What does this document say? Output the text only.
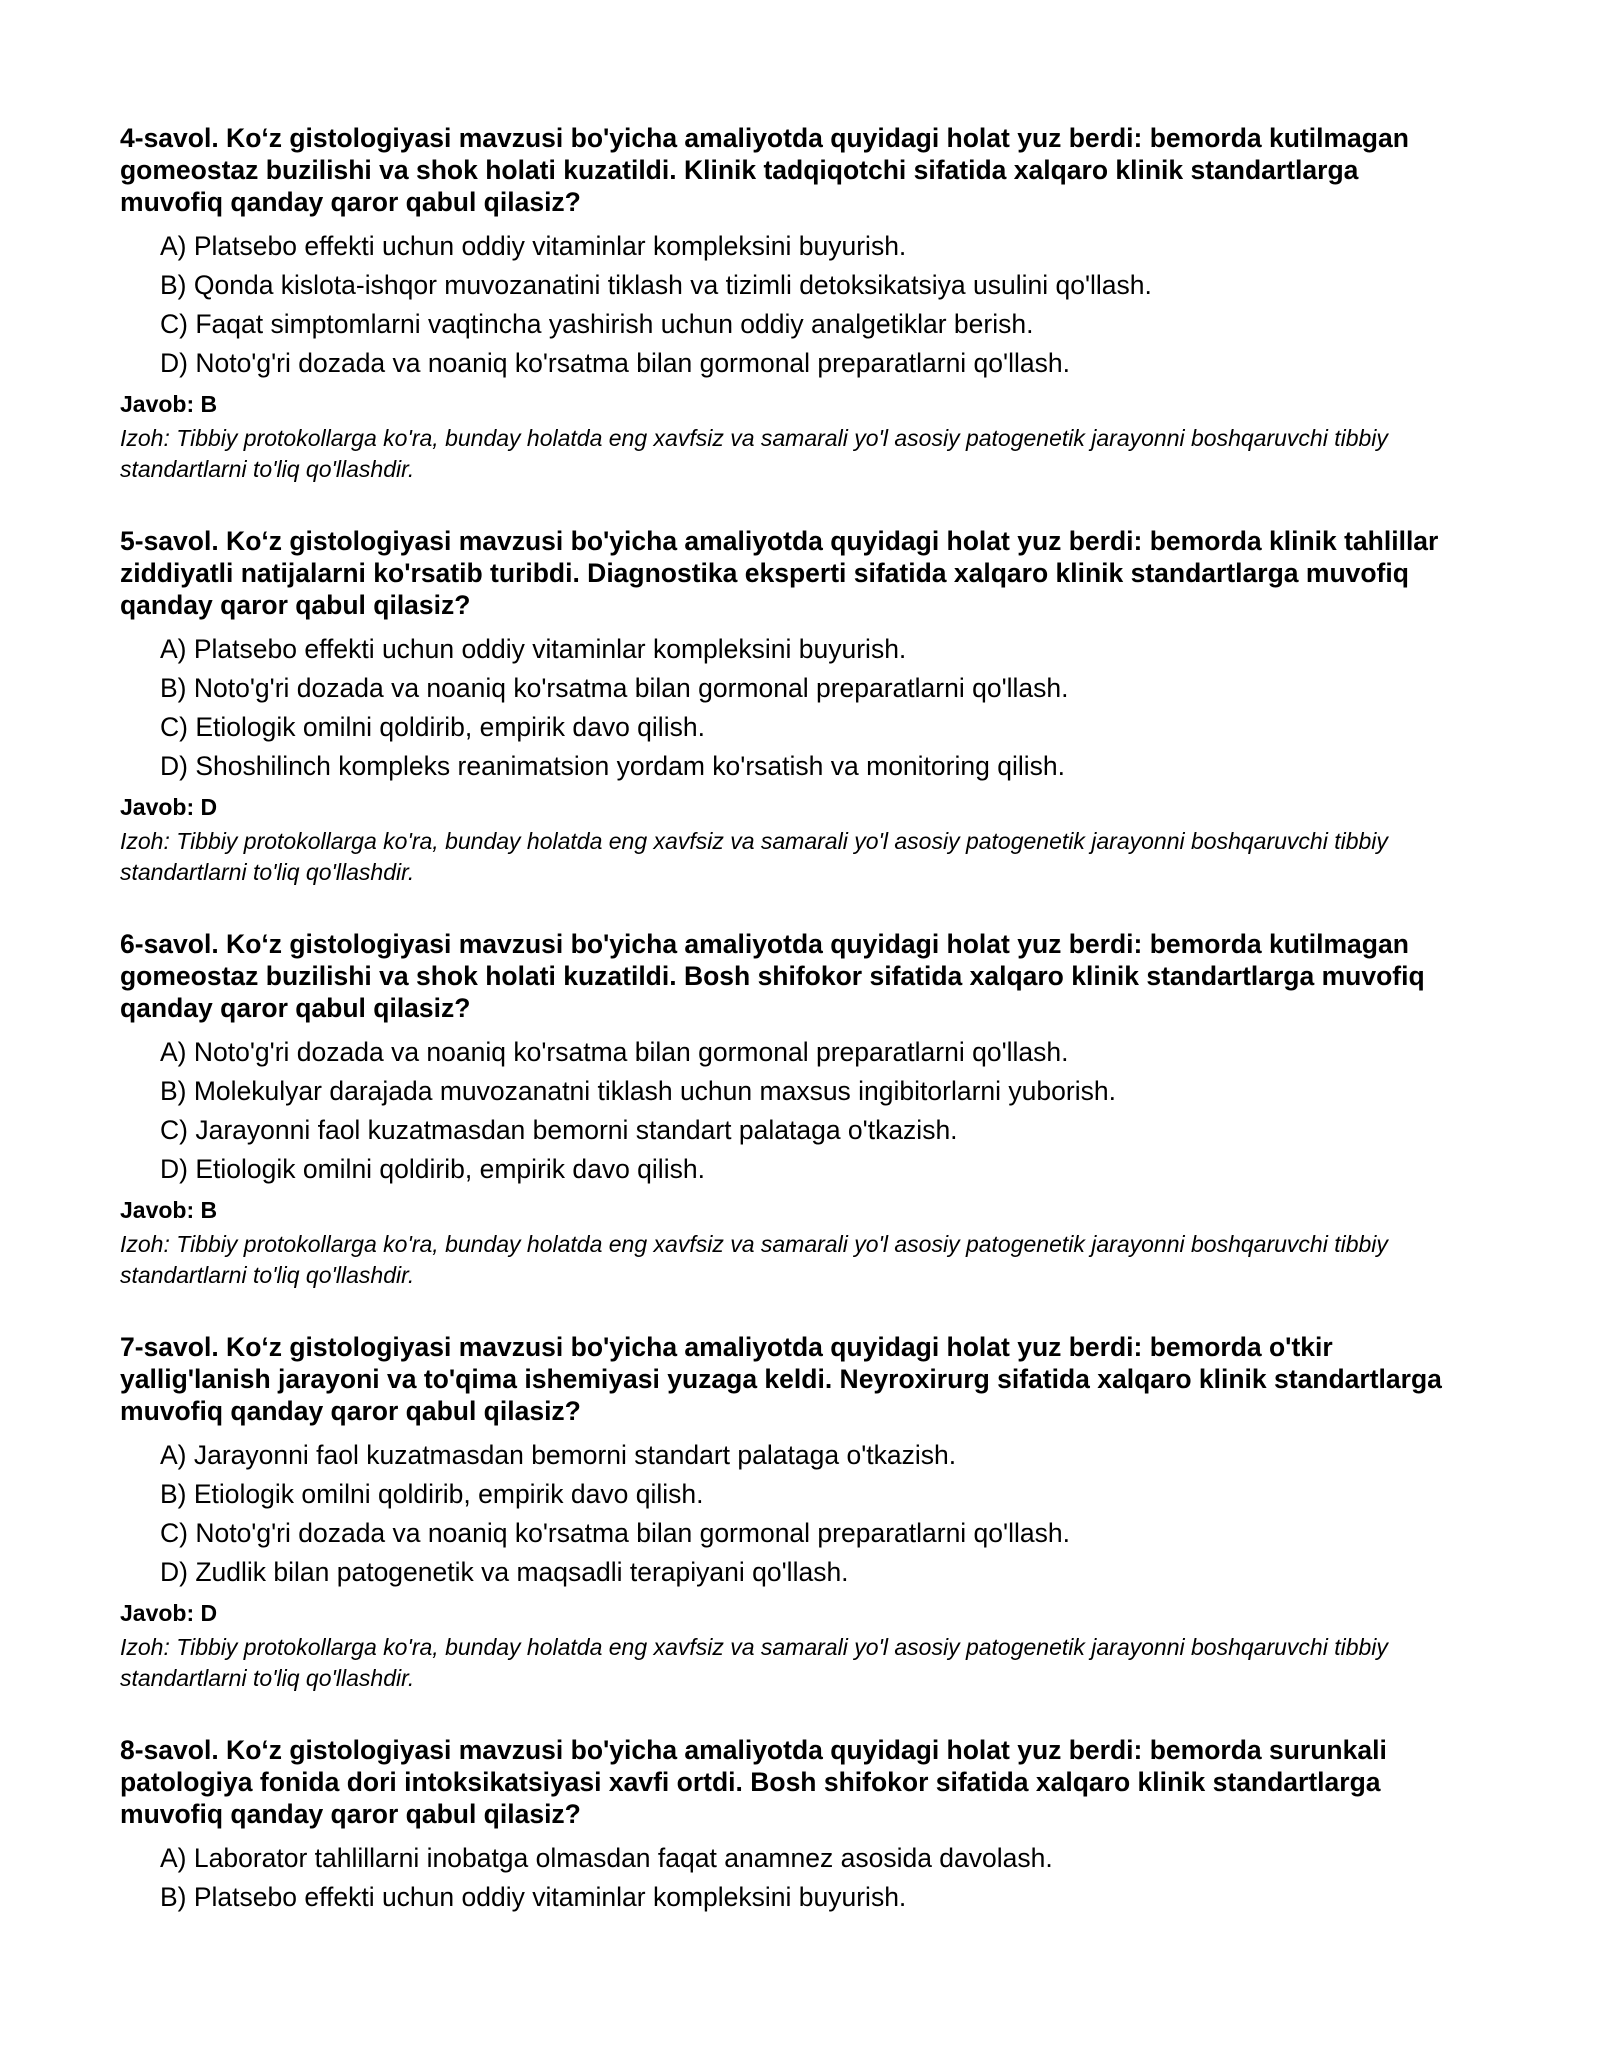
4-savol. Ko‘z gistologiyasi mavzusi bo'yicha amaliyotda quyidagi holat yuz berdi: bemorda kutilmagan gomeostaz buzilishi va shok holati kuzatildi. Klinik tadqiqotchi sifatida xalqaro klinik standartlarga muvofiq qanday qaror qabul qilasiz?

A) Platsebo effekti uchun oddiy vitaminlar kompleksini buyurish.
B) Qonda kislota-ishqor muvozanatini tiklash va tizimli detoksikatsiya usulini qo'llash.
C) Faqat simptomlarni vaqtincha yashirish uchun oddiy analgetiklar berish.
D) Noto'g'ri dozada va noaniq ko'rsatma bilan gormonal preparatlarni qo'llash.

Javob: B

Izoh: Tibbiy protokollarga ko'ra, bunday holatda eng xavfsiz va samarali yo'l asosiy patogenetik jarayonni boshqaruvchi tibbiy standartlarni to'liq qo'llashdir.

5-savol. Ko‘z gistologiyasi mavzusi bo'yicha amaliyotda quyidagi holat yuz berdi: bemorda klinik tahlillar ziddiyatli natijalarni ko'rsatib turibdi. Diagnostika eksperti sifatida xalqaro klinik standartlarga muvofiq qanday qaror qabul qilasiz?

A) Platsebo effekti uchun oddiy vitaminlar kompleksini buyurish.
B) Noto'g'ri dozada va noaniq ko'rsatma bilan gormonal preparatlarni qo'llash.
C) Etiologik omilni qoldirib, empirik davo qilish.
D) Shoshilinch kompleks reanimatsion yordam ko'rsatish va monitoring qilish.

Javob: D

Izoh: Tibbiy protokollarga ko'ra, bunday holatda eng xavfsiz va samarali yo'l asosiy patogenetik jarayonni boshqaruvchi tibbiy standartlarni to'liq qo'llashdir.

6-savol. Ko‘z gistologiyasi mavzusi bo'yicha amaliyotda quyidagi holat yuz berdi: bemorda kutilmagan gomeostaz buzilishi va shok holati kuzatildi. Bosh shifokor sifatida xalqaro klinik standartlarga muvofiq qanday qaror qabul qilasiz?

A) Noto'g'ri dozada va noaniq ko'rsatma bilan gormonal preparatlarni qo'llash.
B) Molekulyar darajada muvozanatni tiklash uchun maxsus ingibitorlarni yuborish.
C) Jarayonni faol kuzatmasdan bemorni standart palataga o'tkazish.
D) Etiologik omilni qoldirib, empirik davo qilish.

Javob: B

Izoh: Tibbiy protokollarga ko'ra, bunday holatda eng xavfsiz va samarali yo'l asosiy patogenetik jarayonni boshqaruvchi tibbiy standartlarni to'liq qo'llashdir.

7-savol. Ko‘z gistologiyasi mavzusi bo'yicha amaliyotda quyidagi holat yuz berdi: bemorda o'tkir yallig'lanish jarayoni va to'qima ishemiyasi yuzaga keldi. Neyroxirurg sifatida xalqaro klinik standartlarga muvofiq qanday qaror qabul qilasiz?

A) Jarayonni faol kuzatmasdan bemorni standart palataga o'tkazish.
B) Etiologik omilni qoldirib, empirik davo qilish.
C) Noto'g'ri dozada va noaniq ko'rsatma bilan gormonal preparatlarni qo'llash.
D) Zudlik bilan patogenetik va maqsadli terapiyani qo'llash.

Javob: D

Izoh: Tibbiy protokollarga ko'ra, bunday holatda eng xavfsiz va samarali yo'l asosiy patogenetik jarayonni boshqaruvchi tibbiy standartlarni to'liq qo'llashdir.

8-savol. Ko‘z gistologiyasi mavzusi bo'yicha amaliyotda quyidagi holat yuz berdi: bemorda surunkali patologiya fonida dori intoksikatsiyasi xavfi ortdi. Bosh shifokor sifatida xalqaro klinik standartlarga muvofiq qanday qaror qabul qilasiz?

A) Laborator tahlillarni inobatga olmasdan faqat anamnez asosida davolash.
B) Platsebo effekti uchun oddiy vitaminlar kompleksini buyurish.
